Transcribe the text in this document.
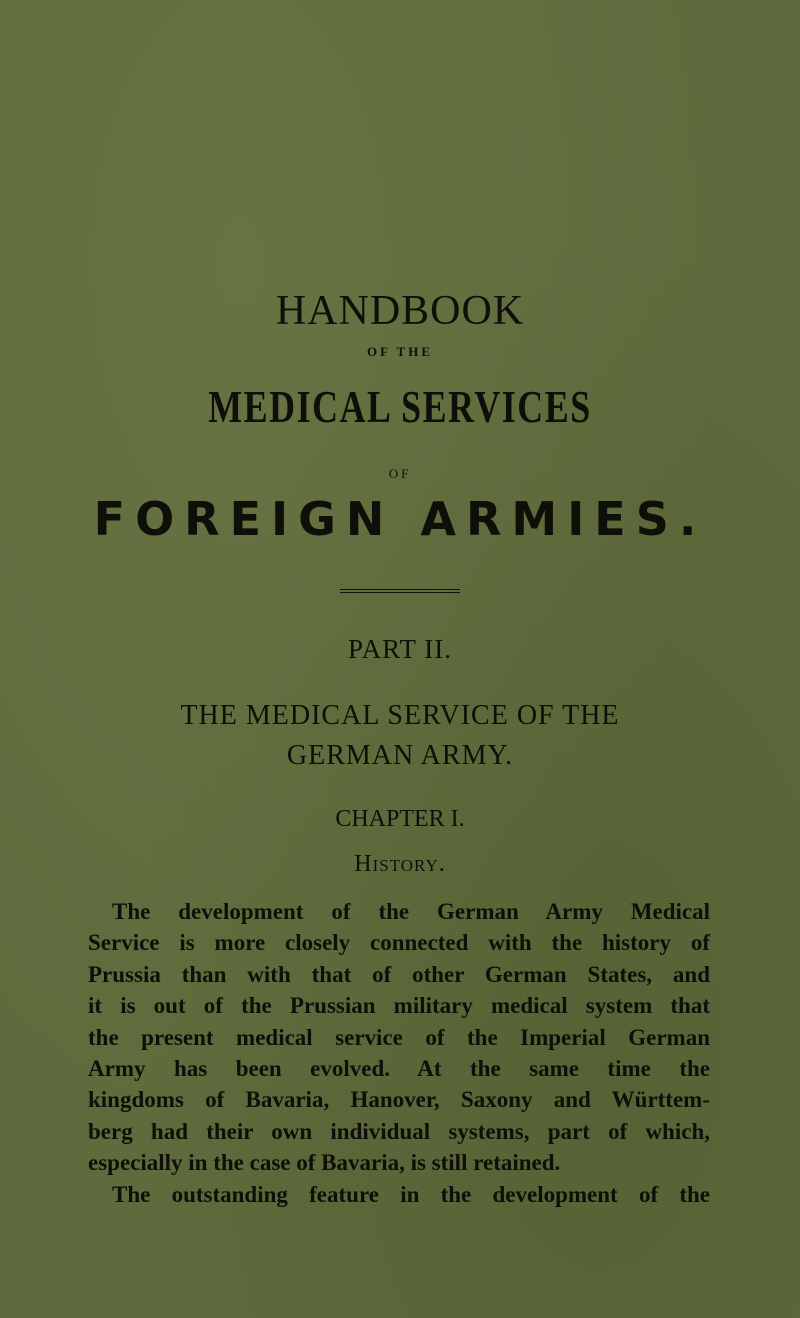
HANDBOOK
OF THE
MEDICAL SERVICES
OF
FOREIGN ARMIES.
PART II.
THE MEDICAL SERVICE OF THE
GERMAN ARMY.
CHAPTER I.
History.

The development of the German Army Medical

Service is more closely connected with the history of

Prussia than with that of other German States, and

it is out of the Prussian military medical system that

the present medical service of the Imperial German

Army has been evolved. At the same time the

kingdoms of Bavaria, Hanover, Saxony and Württem-

berg had their own individual systems, part of which,

especially in the case of Bavaria, is still retained.

The outstanding feature in the development of the
